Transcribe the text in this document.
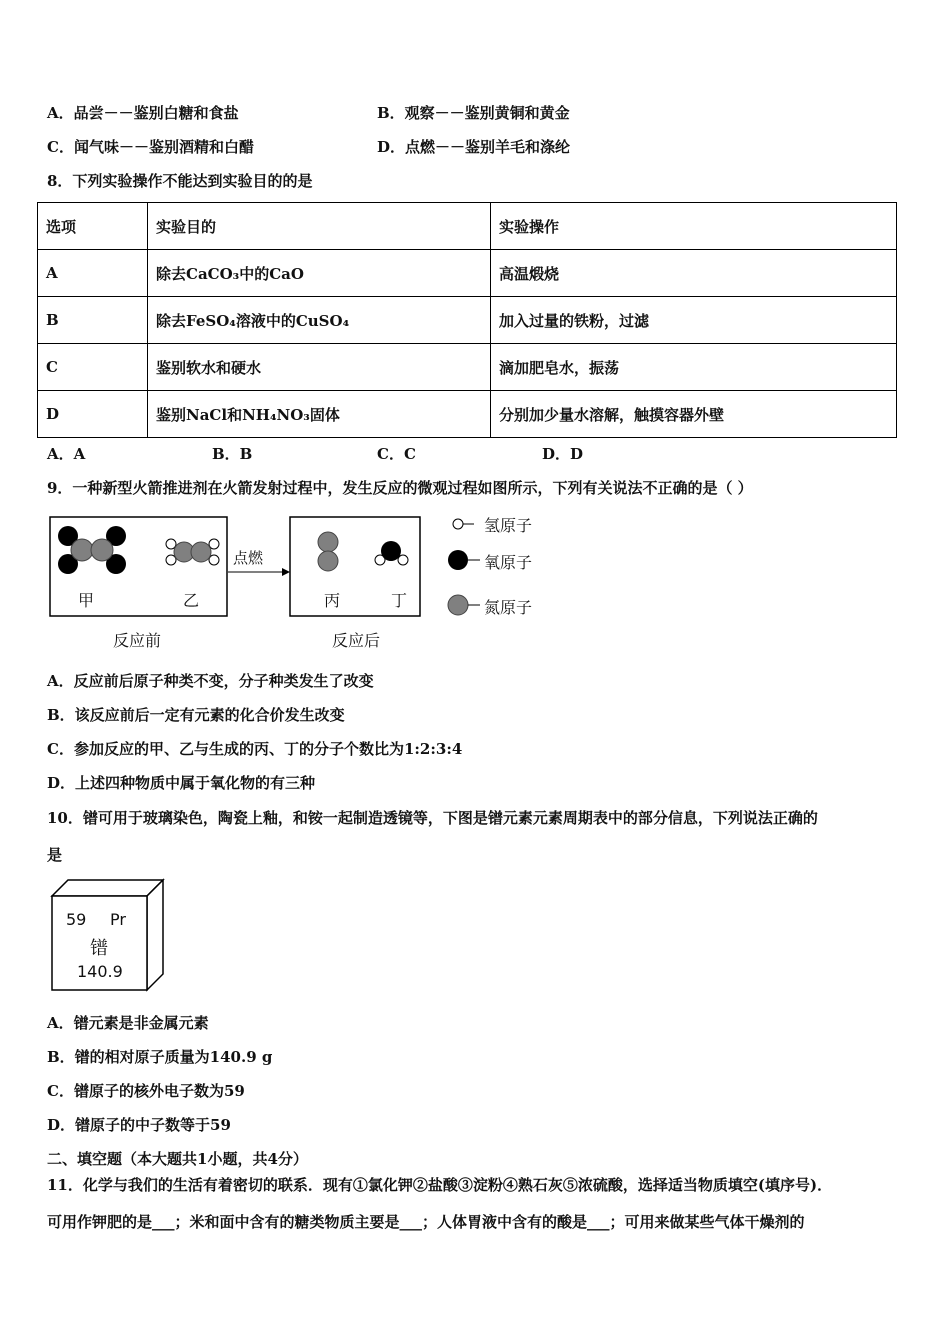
A．品尝－－鉴别白糖和食盐	B．观察－－鉴别黄铜和黄金
C．闻气味－－鉴别酒精和白醋	D．点燃－－鉴别羊毛和涤纶
8．下列实验操作不能达到实验目的的是
选项	实验目的	实验操作
A	除去CaCO₃中的CaO	高温煅烧
B	除去FeSO₄溶液中的CuSO₄	加入过量的铁粉，过滤
C	鉴别软水和硬水	滴加肥皂水，振荡
D	鉴别NaCl和NH₄NO₃固体	分别加少量水溶解，触摸容器外壁
A．A	B．B	C．C	D．D
9．一种新型火箭推进剂在火箭发射过程中，发生反应的微观过程如图所示，下列有关说法不正确的是（ ）
甲	乙	丙	丁
点燃
反应前	反应后
氢原子
氧原子
氮原子
A．反应前后原子种类不变，分子种类发生了改变
B．该反应前后一定有元素的化合价发生改变
C．参加反应的甲、乙与生成的丙、丁的分子个数比为1:2:3:4
D．上述四种物质中属于氧化物的有三种
10．镨可用于玻璃染色，陶瓷上釉，和铵一起制造透镜等，下图是镨元素元素周期表中的部分信息，下列说法正确的
是
59 Pr
镨
140.9
A．镨元素是非金属元素
B．镨的相对原子质量为140.9 g
C．镨原子的核外电子数为59
D．镨原子的中子数等于59
二、填空题（本大题共1小题，共4分）
11．化学与我们的生活有着密切的联系．现有①氯化钾②盐酸③淀粉④熟石灰⑤浓硫酸，选择适当物质填空(填序号)．
可用作钾肥的是___；米和面中含有的糖类物质主要是___；人体胃液中含有的酸是___；可用来做某些气体干燥剂的
